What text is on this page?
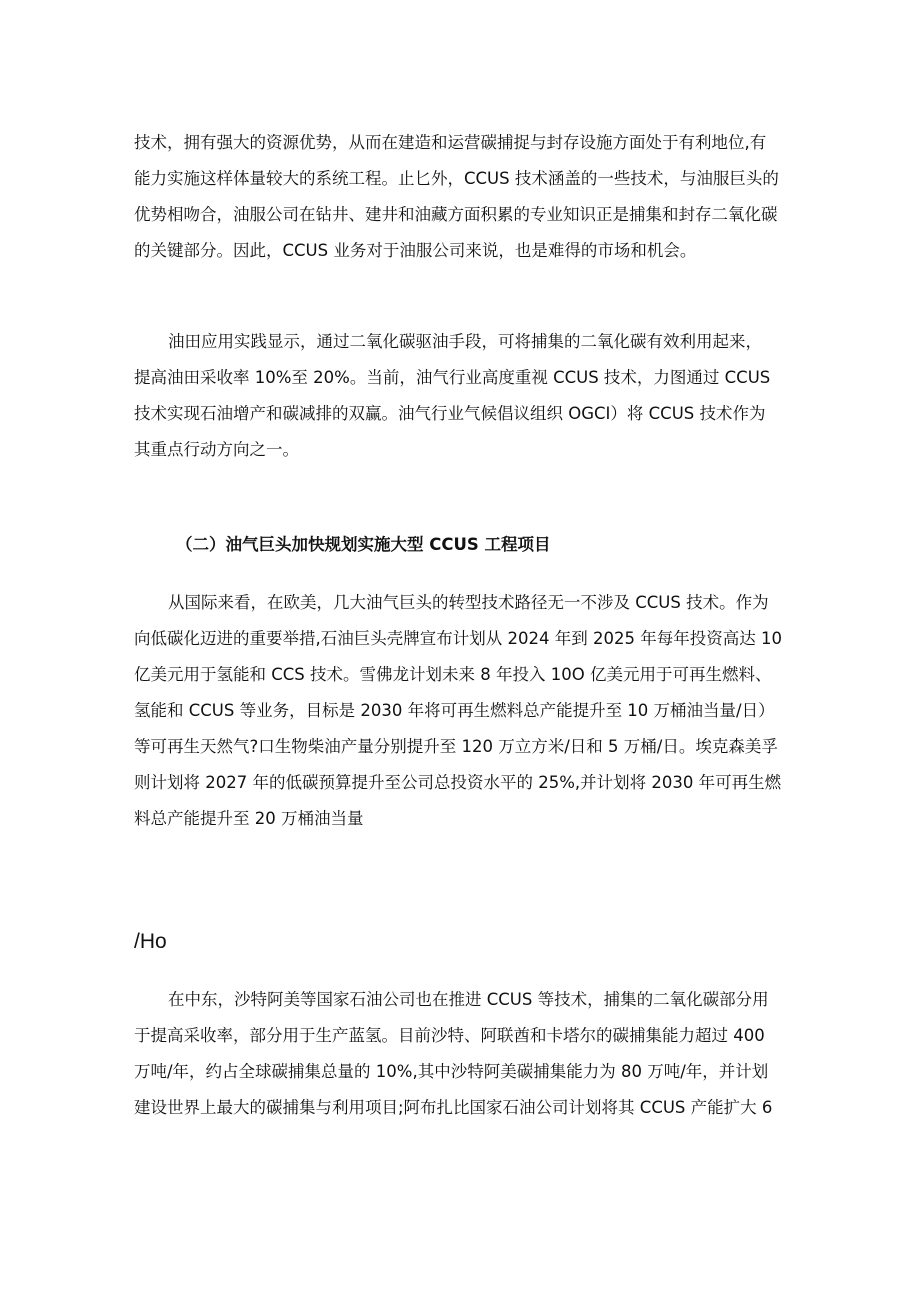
技术，拥有强大的资源优势，从而在建造和运营碳捕捉与封存设施方面处于有利地位,有
能力实施这样体量较大的系统工程。止匕外，CCUS 技术涵盖的一些技术，与油服巨头的
优势相吻合，油服公司在钻井、建井和油藏方面积累的专业知识正是捕集和封存二氧化碳
的关键部分。因此，CCUS 业务对于油服公司来说，也是难得的市场和机会。
油田应用实践显示，通过二氧化碳驱油手段，可将捕集的二氧化碳有效利用起来，
提高油田采收率 10%至 20%。当前，油气行业高度重视 CCUS 技术，力图通过 CCUS
技术实现石油增产和碳减排的双赢。油气行业气候倡议组织 OGCI）将 CCUS 技术作为
其重点行动方向之一。
（二）油气巨头加快规划实施大型 CCUS 工程项目
从国际来看，在欧美，几大油气巨头的转型技术路径无一不涉及 CCUS 技术。作为
向低碳化迈进的重要举措,石油巨头壳牌宣布计划从 2024 年到 2025 年每年投资高达 10
亿美元用于氢能和 CCS 技术。雪佛龙计划未来 8 年投入 10O 亿美元用于可再生燃料、
氢能和 CCUS 等业务，目标是 2030 年将可再生燃料总产能提升至 10 万桶油当量/日）
等可再生天然气?口生物柴油产量分别提升至 120 万立方米/日和 5 万桶/日。埃克森美孚
则计划将 2027 年的低碳预算提升至公司总投资水平的 25%,并计划将 2030 年可再生燃
料总产能提升至 20 万桶油当量
/Ho
在中东，沙特阿美等国家石油公司也在推进 CCUS 等技术，捕集的二氧化碳部分用
于提高采收率，部分用于生产蓝氢。目前沙特、阿联酋和卡塔尔的碳捕集能力超过 400
万吨/年，约占全球碳捕集总量的 10%,其中沙特阿美碳捕集能力为 80 万吨/年，并计划
建设世界上最大的碳捕集与利用项目;阿布扎比国家石油公司计划将其 CCUS 产能扩大 6
